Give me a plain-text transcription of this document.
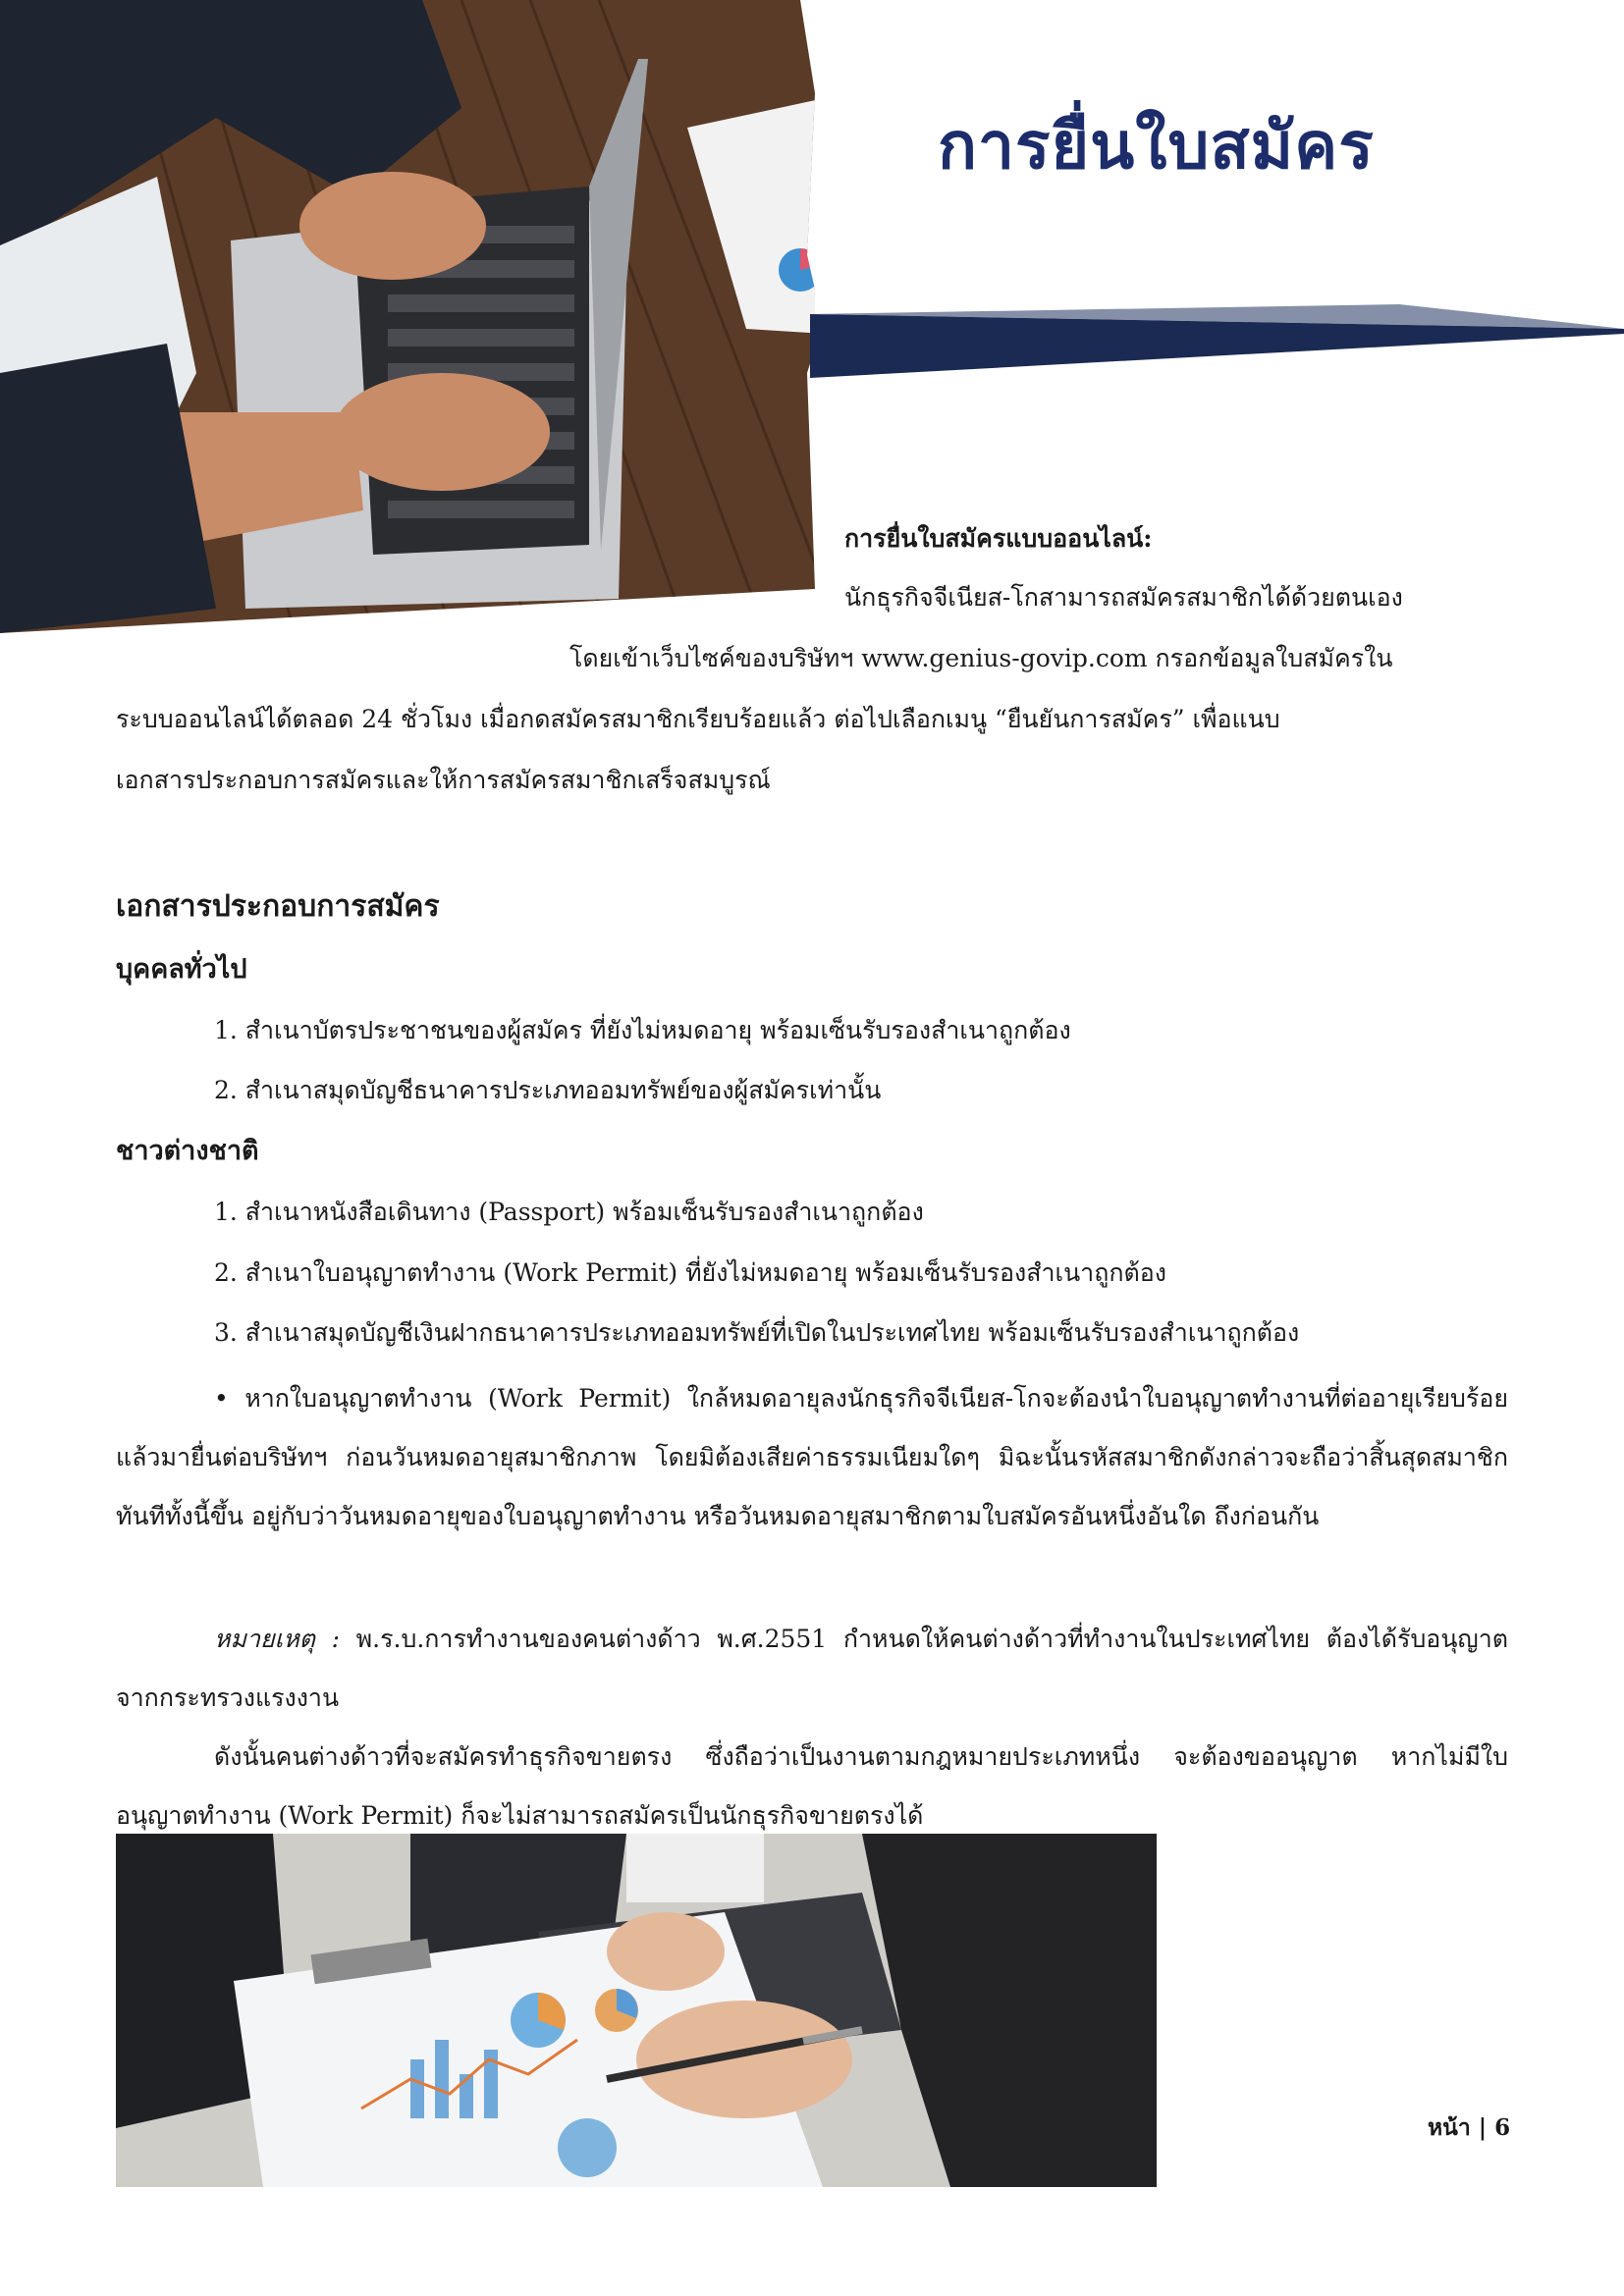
การยื่นใบสมัคร
การยื่นใบสมัครแบบออนไลน์:
นักธุรกิจจีเนียส-โกสามารถสมัครสมาชิกได้ด้วยตนเอง
โดยเข้าเว็บไซค์ของบริษัทฯ www.genius-govip.com กรอกข้อมูลใบสมัครใน
ระบบออนไลน์ได้ตลอด 24 ชั่วโมง เมื่อกดสมัครสมาชิกเรียบร้อยแล้ว ต่อไปเลือกเมนู “ยืนยันการสมัคร” เพื่อแนบ
เอกสารประกอบการสมัครและให้การสมัครสมาชิกเสร็จสมบูรณ์
เอกสารประกอบการสมัคร
บุคคลทั่วไป
1. สำเนาบัตรประชาชนของผู้สมัคร ที่ยังไม่หมดอายุ พร้อมเซ็นรับรองสำเนาถูกต้อง
2. สำเนาสมุดบัญชีธนาคารประเภทออมทรัพย์ของผู้สมัครเท่านั้น
ชาวต่างชาติ
1. สำเนาหนังสือเดินทาง (Passport) พร้อมเซ็นรับรองสำเนาถูกต้อง
2. สำเนาใบอนุญาตทำงาน (Work Permit) ที่ยังไม่หมดอายุ พร้อมเซ็นรับรองสำเนาถูกต้อง
3. สำเนาสมุดบัญชีเงินฝากธนาคารประเภทออมทรัพย์ที่เปิดในประเทศไทย พร้อมเซ็นรับรองสำเนาถูกต้อง
• หากใบอนุญาตทำงาน (Work Permit) ใกล้หมดอายุลงนักธุรกิจจีเนียส-โกจะต้องนำใบอนุญาตทำงานที่ต่ออายุเรียบร้อยแล้วมายื่นต่อบริษัทฯ ก่อนวันหมดอายุสมาชิกภาพ โดยมิต้องเสียค่าธรรมเนียมใดๆ มิฉะนั้นรหัสสมาชิกดังกล่าวจะถือว่าสิ้นสุดสมาชิกทันทีทั้งนี้ขึ้น อยู่กับว่าวันหมดอายุของใบอนุญาตทำงาน หรือวันหมดอายุสมาชิกตามใบสมัครอันหนึ่งอันใด ถึงก่อนกัน
หมายเหตุ : พ.ร.บ.การทำงานของคนต่างด้าว พ.ศ.2551 กำหนดให้คนต่างด้าวที่ทำงานในประเทศไทย ต้องได้รับอนุญาตจากกระทรวงแรงงาน
ดังนั้นคนต่างด้าวที่จะสมัครทำธุรกิจขายตรง ซึ่งถือว่าเป็นงานตามกฎหมายประเภทหนึ่ง จะต้องขออนุญาต หากไม่มีใบอนุญาตทำงาน (Work Permit) ก็จะไม่สามารถสมัครเป็นนักธุรกิจขายตรงได้
หน้า | 6
